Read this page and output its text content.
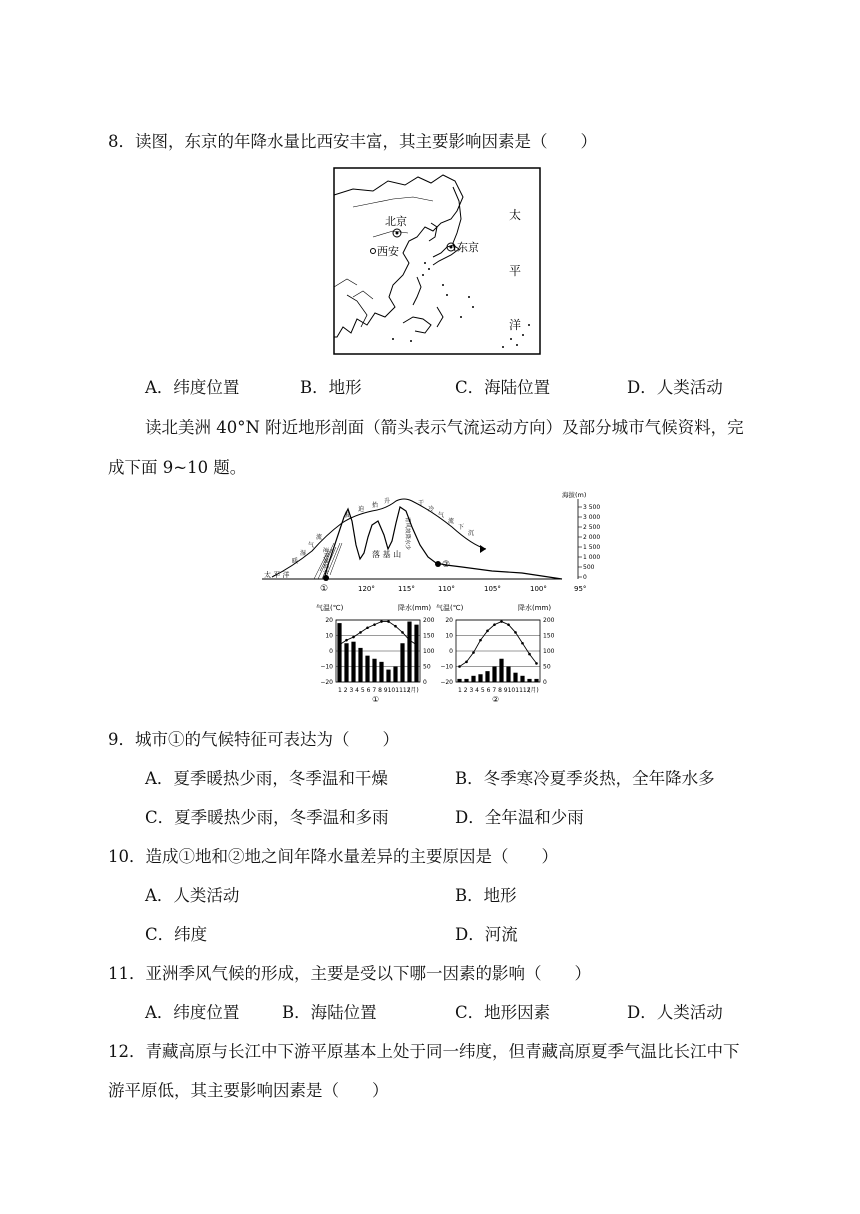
8．读图，东京的年降水量比西安丰富，其主要影响因素是（　　）
北京
西安	东京
太
平
洋
A．纬度位置	B．地形	C．海陆位置	D．人类活动
读北美洲 40°N 附近地形剖面（箭头表示气流运动方向）及部分城市气候资料，完
成下面 9~10 题。
海拔(m)
3 500
3 000
2 500
2 000
1 500
1 000
500
0
120°	115°	110°	105°	100°	95°
太 平 洋
落 基 山
①
②
暖
湿
气
流
被
迫
抬
升	干
冷
气
流
下
沉
迎风坡降水多
背风坡降水少
气温(℃)	降水(mm)
1 2 3 4 5 6 7 8 9101112
(月)
①
20	200
10	150
0	100
−10	50
−20	0
气温(℃)	降水(mm)
1 2 3 4 5 6 7 8 9101112
(月)
②
20	200
10	150
0	100
−10	50
−20	0
9．城市①的气候特征可表达为（　　）
A．夏季暖热少雨，冬季温和干燥	B．冬季寒冷夏季炎热，全年降水多
C．夏季暖热少雨，冬季温和多雨	D．全年温和少雨
10．造成①地和②地之间年降水量差异的主要原因是（　　）
A．人类活动	B．地形
C．纬度	D．河流
11．亚洲季风气候的形成，主要是受以下哪一因素的影响（　　）
A．纬度位置	B．海陆位置	C．地形因素	D．人类活动
12．青藏高原与长江中下游平原基本上处于同一纬度，但青藏高原夏季气温比长江中下
游平原低，其主要影响因素是（　　）
